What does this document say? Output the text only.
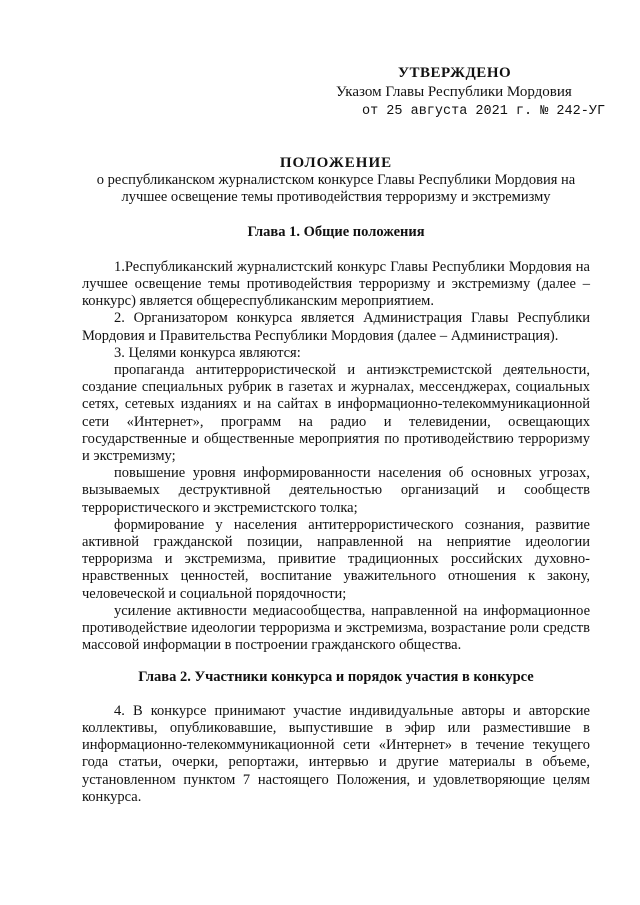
УТВЕРЖДЕНО
Указом Главы Республики Мордовия
от 25 августа 2021 г. № 242-УГ
ПОЛОЖЕНИЕ
о республиканском журналистском конкурсе Главы Республики Мордовия на лучшее освещение темы противодействия терроризму и экстремизму
Глава 1. Общие положения

1.Республиканский журналистский конкурс Главы Республики Мордовия на лучшее освещение темы противодействия терроризму и экстремизму (далее – конкурс) является общереспубликанским мероприятием.

2. Организатором конкурса является Администрация Главы Республики Мордовия и Правительства Республики Мордовия (далее – Администрация).

3. Целями конкурса являются:

пропаганда антитеррористической и антиэкстремистской деятельности, создание специальных рубрик в газетах и журналах, мессенджерах, социальных сетях, сетевых изданиях и на сайтах в информационно-телекоммуникационной сети «Интернет», программ на радио и телевидении, освещающих государственные и общественные мероприятия по противодействию терроризму и экстремизму;

повышение уровня информированности населения об основных угрозах, вызываемых деструктивной деятельностью организаций и сообществ террористического и экстремистского толка;

формирование у населения антитеррористического сознания, развитие активной гражданской позиции, направленной на неприятие идеологии терроризма и экстремизма, привитие традиционных российских духовно-нравственных ценностей, воспитание уважительного отношения к закону, человеческой и социальной порядочности;

усиление активности медиасообщества, направленной на информационное противодействие идеологии терроризма и экстремизма, возрастание роли средств массовой информации в построении гражданского общества.

Глава 2. Участники конкурса и порядок участия в конкурсе

4. В конкурсе принимают участие индивидуальные авторы и авторские коллективы, опубликовавшие, выпустившие в эфир или разместившие в информационно-телекоммуникационной сети «Интернет» в течение текущего года статьи, очерки, репортажи, интервью и другие материалы в объеме, установленном пунктом 7 настоящего Положения, и удовлетворяющие целям конкурса.
